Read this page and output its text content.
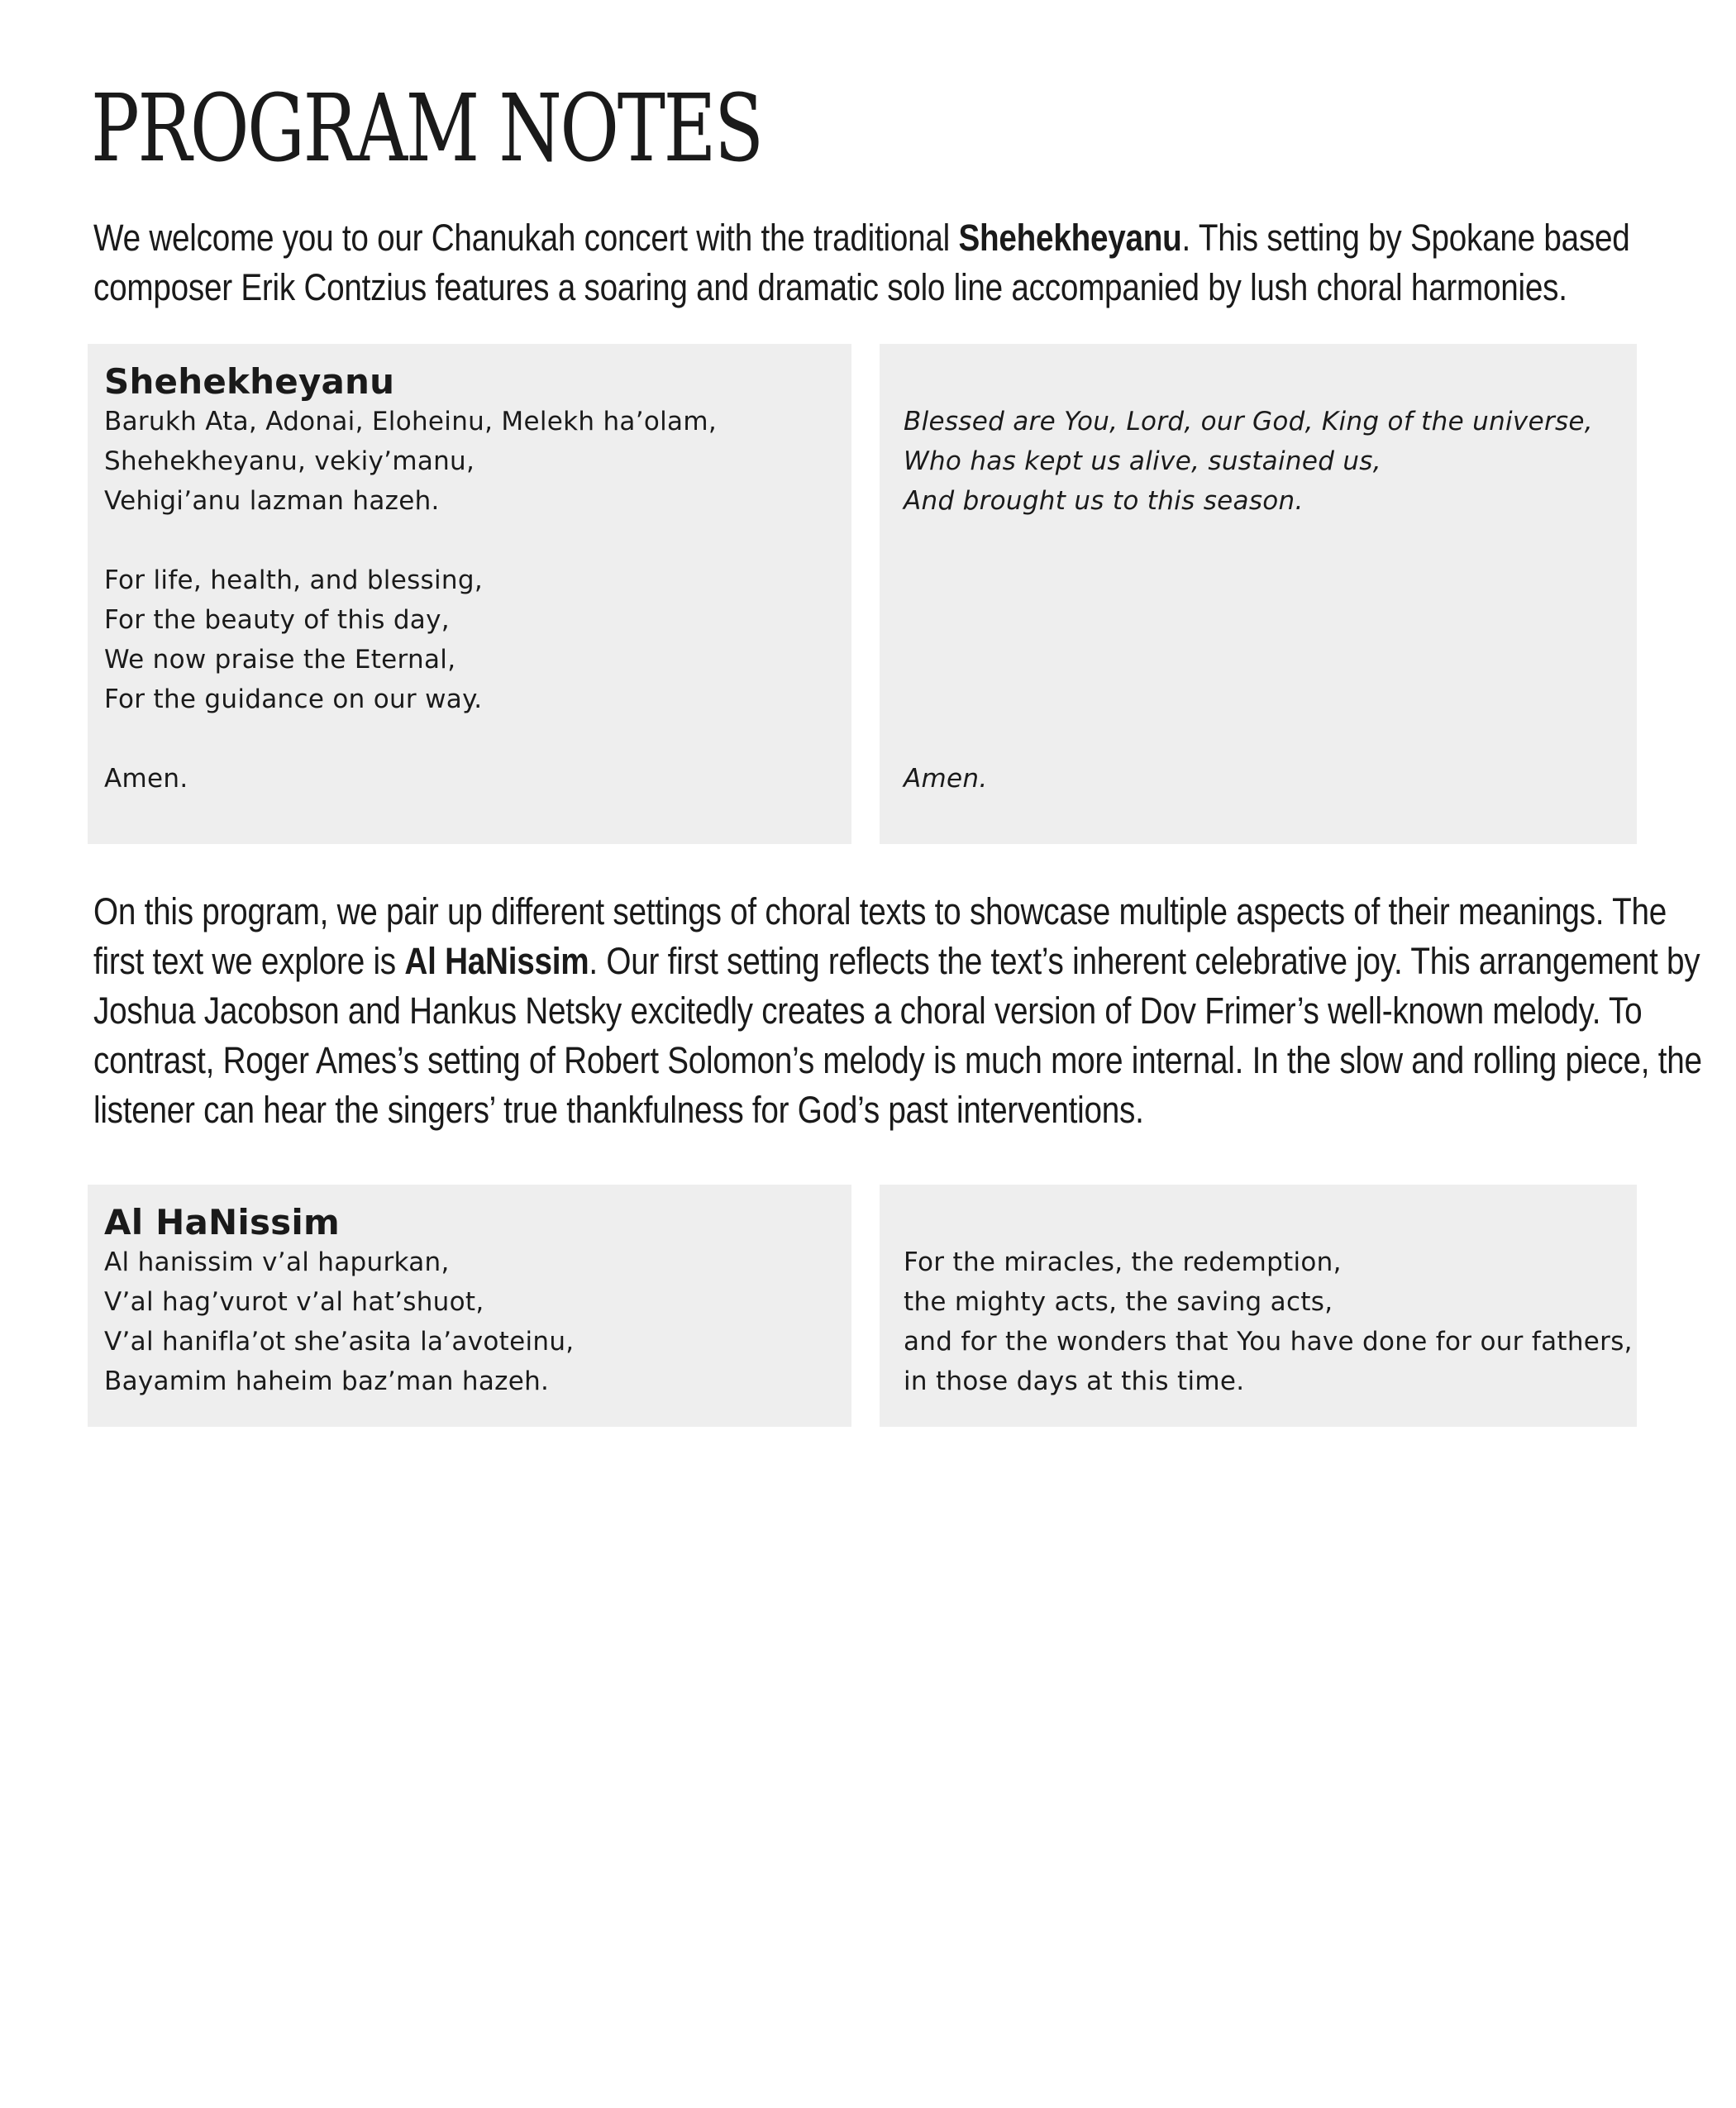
PROGRAM NOTES

We welcome you to our Chanukah concert with the traditional Shehekheyanu. This setting by Spokane based composer Erik Contzius features a soaring and dramatic solo line accompanied by lush choral harmonies.

Shehekheyanu
Barukh Ata, Adonai, Eloheinu, Melekh ha’olam,
Shehekheyanu, vekiy’manu,
Vehigi’anu lazman hazeh.
For life, health, and blessing,
For the beauty of this day,
We now praise the Eternal,
For the guidance on our way.
Amen.
Blessed are You, Lord, our God, King of the universe,
Who has kept us alive, sustained us,
And brought us to this season.
Amen.

On this program, we pair up different settings of choral texts to showcase multiple aspects of their meanings. The first text we explore is Al HaNissim. Our first setting reflects the text’s inherent celebrative joy. This arrangement by Joshua Jacobson and Hankus Netsky excitedly creates a choral version of Dov Frimer’s well-known melody. To contrast, Roger Ames’s setting of Robert Solomon’s melody is much more internal. In the slow and rolling piece, the listener can hear the singers’ true thankfulness for God’s past interventions.

Al HaNissim
Al hanissim v’al hapurkan,
V’al hag’vurot v’al hat’shuot,
V’al hanifla’ot she’asita la’avoteinu,
Bayamim haheim baz’man hazeh.
For the miracles, the redemption,
the mighty acts, the saving acts,
and for the wonders that You have done for our fathers,
in those days at this time.
